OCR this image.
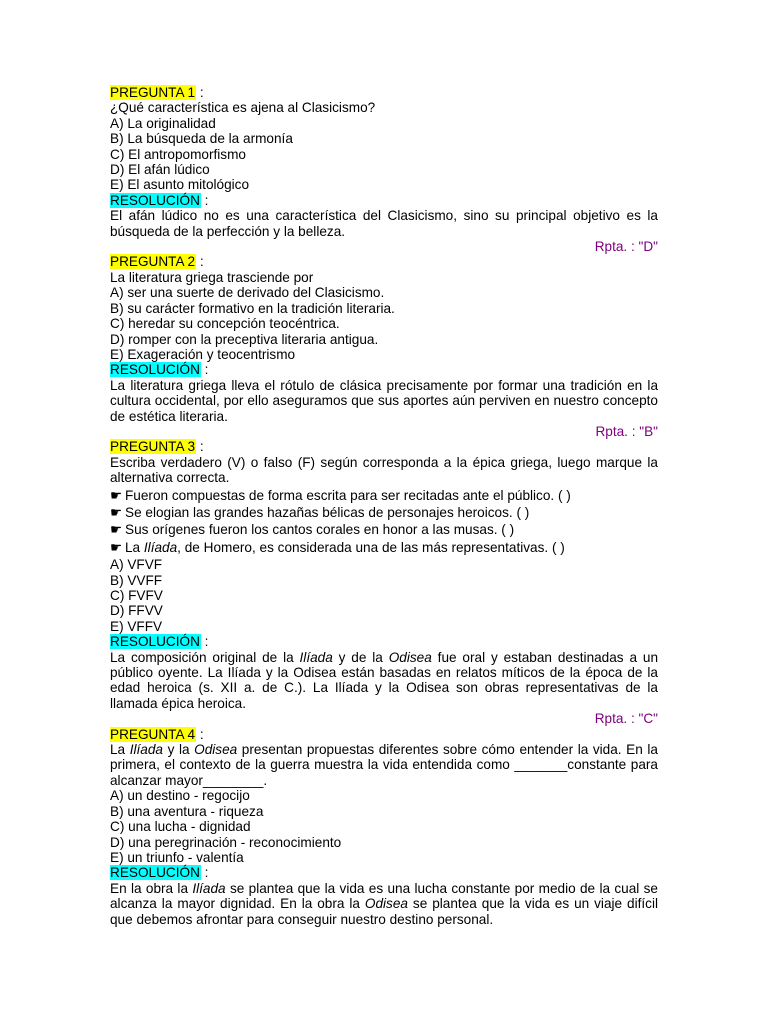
PREGUNTA 1 :
¿Qué característica es ajena al Clasicismo?
A) La originalidad
B) La búsqueda de la armonía
C) El antropomorfismo
D) El afán lúdico
E) El asunto mitológico
RESOLUCIÓN :
El afán lúdico no es una característica del Clasicismo, sino su principal objetivo es la búsqueda de la perfección y la belleza.
Rpta. : "D"
PREGUNTA 2 :
La literatura griega trasciende por
A) ser una suerte de derivado del Clasicismo.
B) su carácter formativo en la tradición literaria.
C) heredar su concepción teocéntrica.
D) romper con la preceptiva literaria antigua.
E) Exageración y teocentrismo
RESOLUCIÓN :
La literatura griega lleva el rótulo de clásica precisamente por formar una tradición en la cultura occidental, por ello aseguramos que sus aportes aún perviven en nuestro concepto de estética literaria.
Rpta. : "B"
PREGUNTA 3 :
Escriba verdadero (V) o falso (F) según corresponda a la épica griega, luego marque la alternativa correcta.
☛ Fueron compuestas de forma escrita para ser recitadas ante el público. ( )
☛ Se elogian las grandes hazañas bélicas de personajes heroicos. ( )
☛ Sus orígenes fueron los cantos corales en honor a las musas. ( )
☛ La Ilíada, de Homero, es considerada una de las más representativas. ( )
A) VFVF
B) VVFF
C) FVFV
D) FFVV
E) VFFV
RESOLUCIÓN :
La composición original de la Ilíada y de la Odisea fue oral y estaban destinadas a un público oyente. La Ilíada y la Odisea están basadas en relatos míticos de la época de la edad heroica (s. XII a. de C.). La Ilíada y la Odisea son obras representativas de la llamada épica heroica.
Rpta. : "C"
PREGUNTA 4 :
La Ilíada y la Odisea presentan propuestas diferentes sobre cómo entender la vida. En la primera, el contexto de la guerra muestra la vida entendida como _______constante para alcanzar mayor________.
A) un destino - regocijo
B) una aventura - riqueza
C) una lucha - dignidad
D) una peregrinación - reconocimiento
E) un triunfo - valentía
RESOLUCIÓN :
En la obra la Ilíada se plantea que la vida es una lucha constante por medio de la cual se alcanza la mayor dignidad. En la obra la Odisea se plantea que la vida es un viaje difícil que debemos afrontar para conseguir nuestro destino personal.
